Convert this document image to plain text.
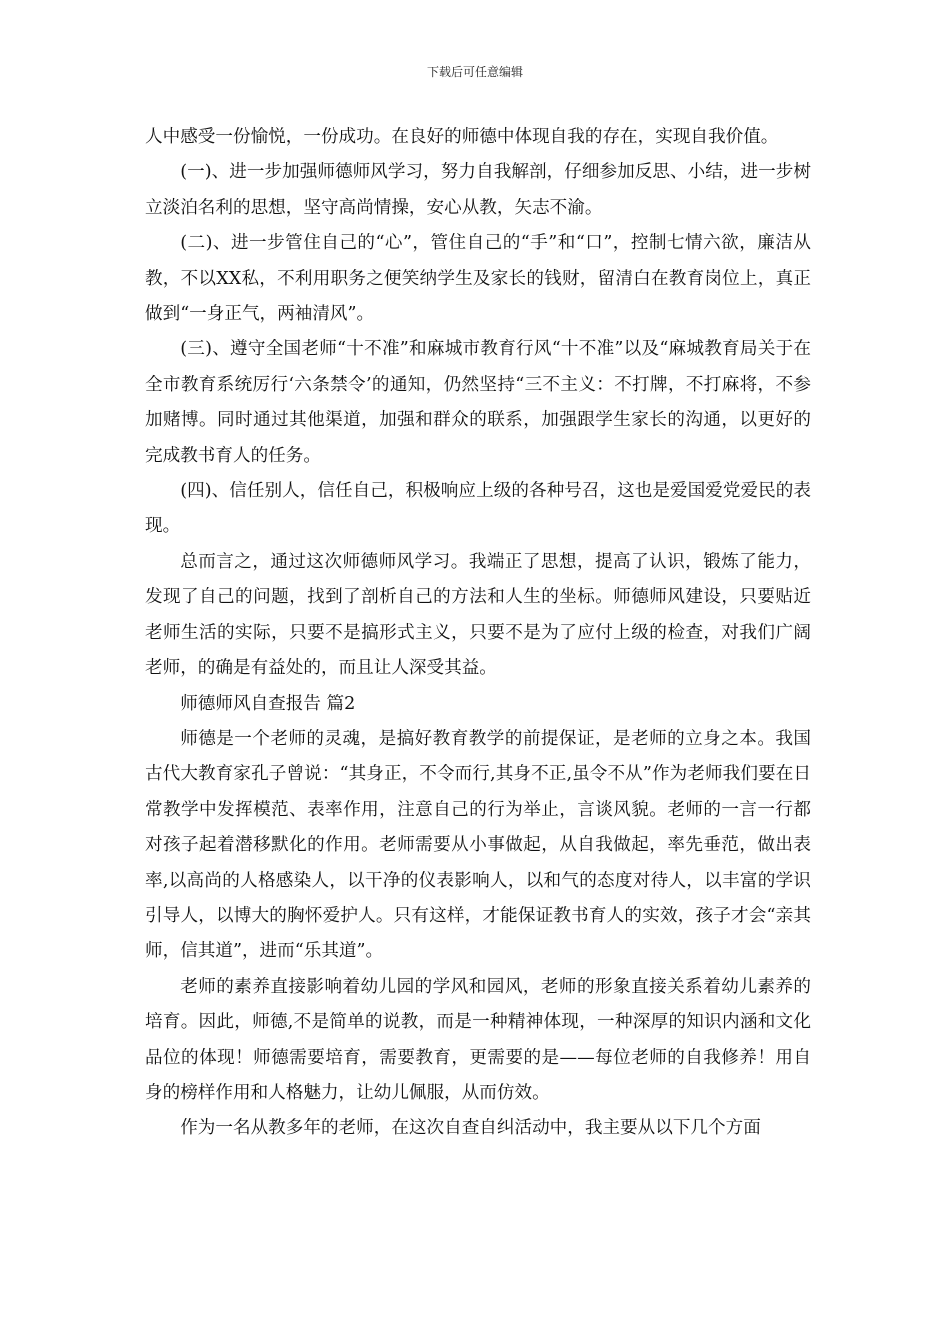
下载后可任意编辑

人中感受一份愉悦，一份成功。在良好的师德中体现自我的存在，实现自我价值。

(一)、进一步加强师德师风学习，努力自我解剖，仔细参加反思、小结，进一步树立淡泊名利的思想，坚守高尚情操，安心从教，矢志不渝。

(二)、进一步管住自己的“心”，管住自己的“手”和“口”，控制七情六欲，廉洁从教，不以XX私，不利用职务之便笑纳学生及家长的钱财，留清白在教育岗位上，真正做到“一身正气，两袖清风”。

(三)、遵守全国老师“十不准”和麻城市教育行风“十不准”以及“麻城教育局关于在全市教育系统厉行‘六条禁令’的通知，仍然坚持“三不主义：不打牌，不打麻将，不参加赌博。同时通过其他渠道，加强和群众的联系，加强跟学生家长的沟通，以更好的完成教书育人的任务。

(四)、信任别人，信任自己，积极响应上级的各种号召，这也是爱国爱党爱民的表现。

总而言之，通过这次师德师风学习。我端正了思想，提高了认识，锻炼了能力，发现了自己的问题，找到了剖析自己的方法和人生的坐标。师德师风建设，只要贴近老师生活的实际，只要不是搞形式主义，只要不是为了应付上级的检查，对我们广阔老师，的确是有益处的，而且让人深受其益。

师德师风自查报告 篇2

师德是一个老师的灵魂，是搞好教育教学的前提保证，是老师的立身之本。我国古代大教育家孔子曾说：“其身正，不令而行,其身不正,虽令不从”作为老师我们要在日常教学中发挥模范、表率作用，注意自己的行为举止，言谈风貌。老师的一言一行都对孩子起着潜移默化的作用。老师需要从小事做起，从自我做起，率先垂范，做出表率,以高尚的人格感染人，以干净的仪表影响人，以和气的态度对待人，以丰富的学识引导人，以博大的胸怀爱护人。只有这样，才能保证教书育人的实效，孩子才会“亲其师，信其道”，进而“乐其道”。

老师的素养直接影响着幼儿园的学风和园风，老师的形象直接关系着幼儿素养的培育。因此，师德,不是简单的说教，而是一种精神体现，一种深厚的知识内涵和文化品位的体现！师德需要培育，需要教育，更需要的是——每位老师的自我修养！用自身的榜样作用和人格魅力，让幼儿佩服，从而仿效。

作为一名从教多年的老师，在这次自查自纠活动中，我主要从以下几个方面
